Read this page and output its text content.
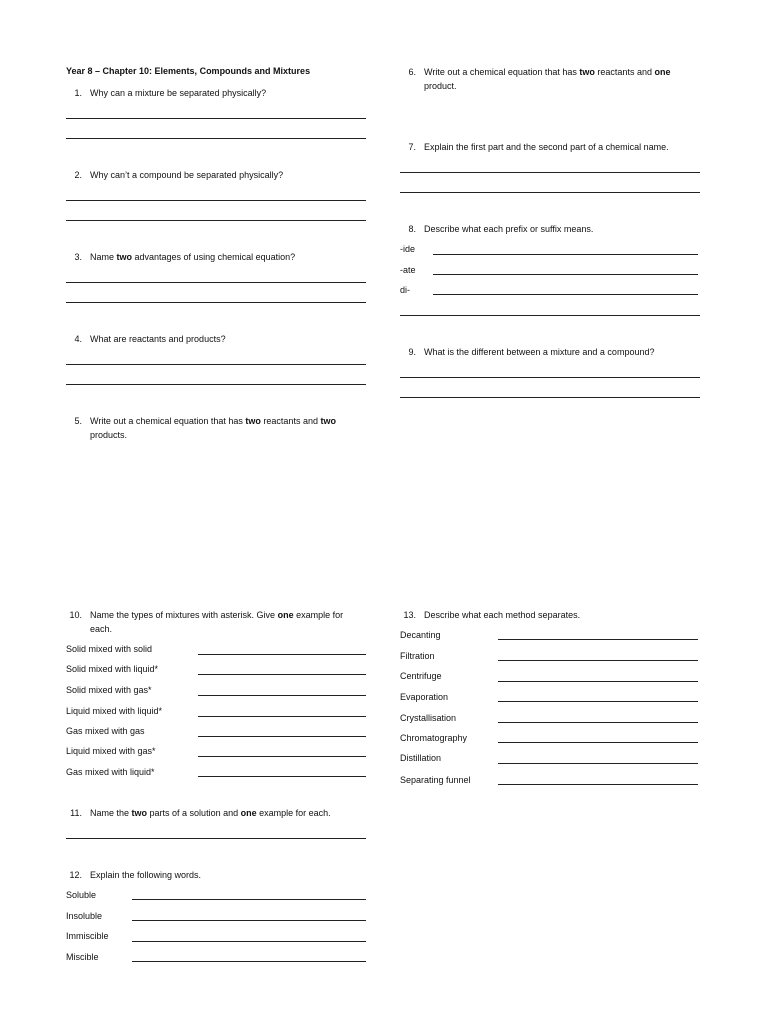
Year 8 – Chapter 10: Elements, Compounds and Mixtures
1. Why can a mixture be separated physically?
2. Why can’t a compound be separated physically?
3. Name two advantages of using chemical equation?
4. What are reactants and products?
5. Write out a chemical equation that has two reactants and two products.
6. Write out a chemical equation that has two reactants and one product.
7. Explain the first part and the second part of a chemical name.
8. Describe what each prefix or suffix means.
-ide
-ate
di-
9. What is the different between a mixture and a compound?
10. Name the types of mixtures with asterisk. Give one example for each.
Solid mixed with solid
Solid mixed with liquid*
Solid mixed with gas*
Liquid mixed with liquid*
Gas mixed with gas
Liquid mixed with gas*
Gas mixed with liquid*
11. Name the two parts of a solution and one example for each.
12. Explain the following words.
Soluble
Insoluble
Immiscible
Miscible
13. Describe what each method separates.
Decanting
Filtration
Centrifuge
Evaporation
Crystallisation
Chromatography
Distillation
Separating funnel
